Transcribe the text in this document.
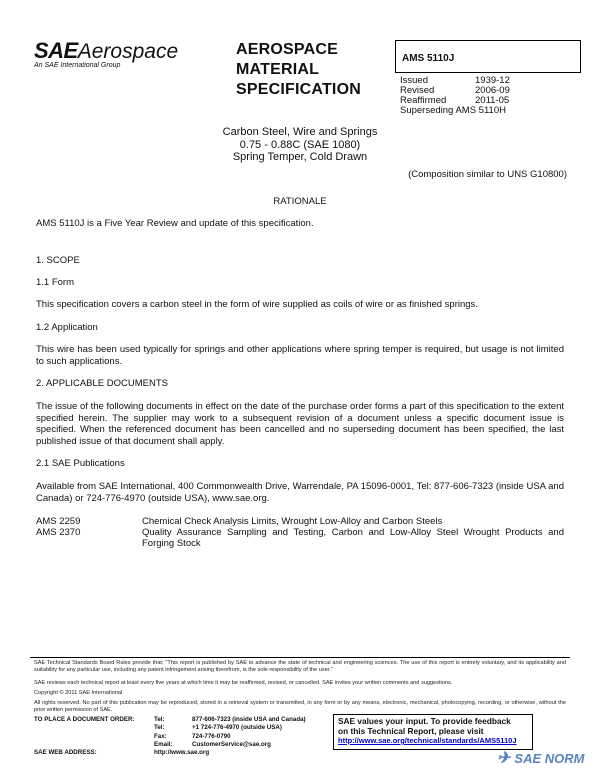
SAEAerospace
An SAE International Group
AEROSPACE
MATERIAL
SPECIFICATION
AMS 5110J
Issued	1939-12
Revised	2006-09
Reaffirmed	2011-05
Superseding AMS 5110H
Carbon Steel, Wire and Springs
0.75 - 0.88C (SAE 1080)
Spring Temper, Cold Drawn
(Composition similar to UNS G10800)
RATIONALE
AMS 5110J is a Five Year Review and update of this specification.
1. SCOPE
1.1 Form
This specification covers a carbon steel in the form of wire supplied as coils of wire or as finished springs.
1.2 Application
This wire has been used typically for springs and other applications where spring temper is required, but usage is not limited to such applications.
2. APPLICABLE DOCUMENTS
The issue of the following documents in effect on the date of the purchase order forms a part of this specification to the extent specified herein. The supplier may work to a subsequent revision of a document unless a specific document issue is specified. When the referenced document has been cancelled and no superseding document has been specified, the last published issue of that document shall apply.
2.1 SAE Publications
Available from SAE International, 400 Commonwealth Drive, Warrendale, PA 15096-0001, Tel: 877-606-7323 (inside USA and Canada) or 724-776-4970 (outside USA), www.sae.org.
AMS 2259	Chemical Check Analysis Limits, Wrought Low-Alloy and Carbon Steels
AMS 2370	Quality Assurance Sampling and Testing, Carbon and Low-Alloy Steel Wrought Products and Forging Stock
SAE Technical Standards Board Rules provide that: "This report is published by SAE to advance the state of technical and engineering sciences. The use of this report is entirely voluntary, and its applicability and suitability for any particular use, including any patent infringement arising therefrom, is the sole responsibility of the user."
SAE reviews each technical report at least every five years at which time it may be reaffirmed, revised, or cancelled. SAE invites your written comments and suggestions.
Copyright © 2011 SAE International
All rights reserved. No part of this publication may be reproduced, stored in a retrieval system or transmitted, in any form or by any means, electronic, mechanical, photocopying, recording, or otherwise, without the prior written permission of SAE.
TO PLACE A DOCUMENT ORDER:	Tel:	877-606-7323 (inside USA and Canada)
Tel:	+1 724-776-4970 (outside USA)
Fax:	724-776-0790
Email:	CustomerService@sae.org
SAE WEB ADDRESS:	http://www.sae.org
SAE values your input. To provide feedback
on this Technical Report, please visit
http://www.sae.org/technical/standards/AMS5110J
✈ SAE NORM
